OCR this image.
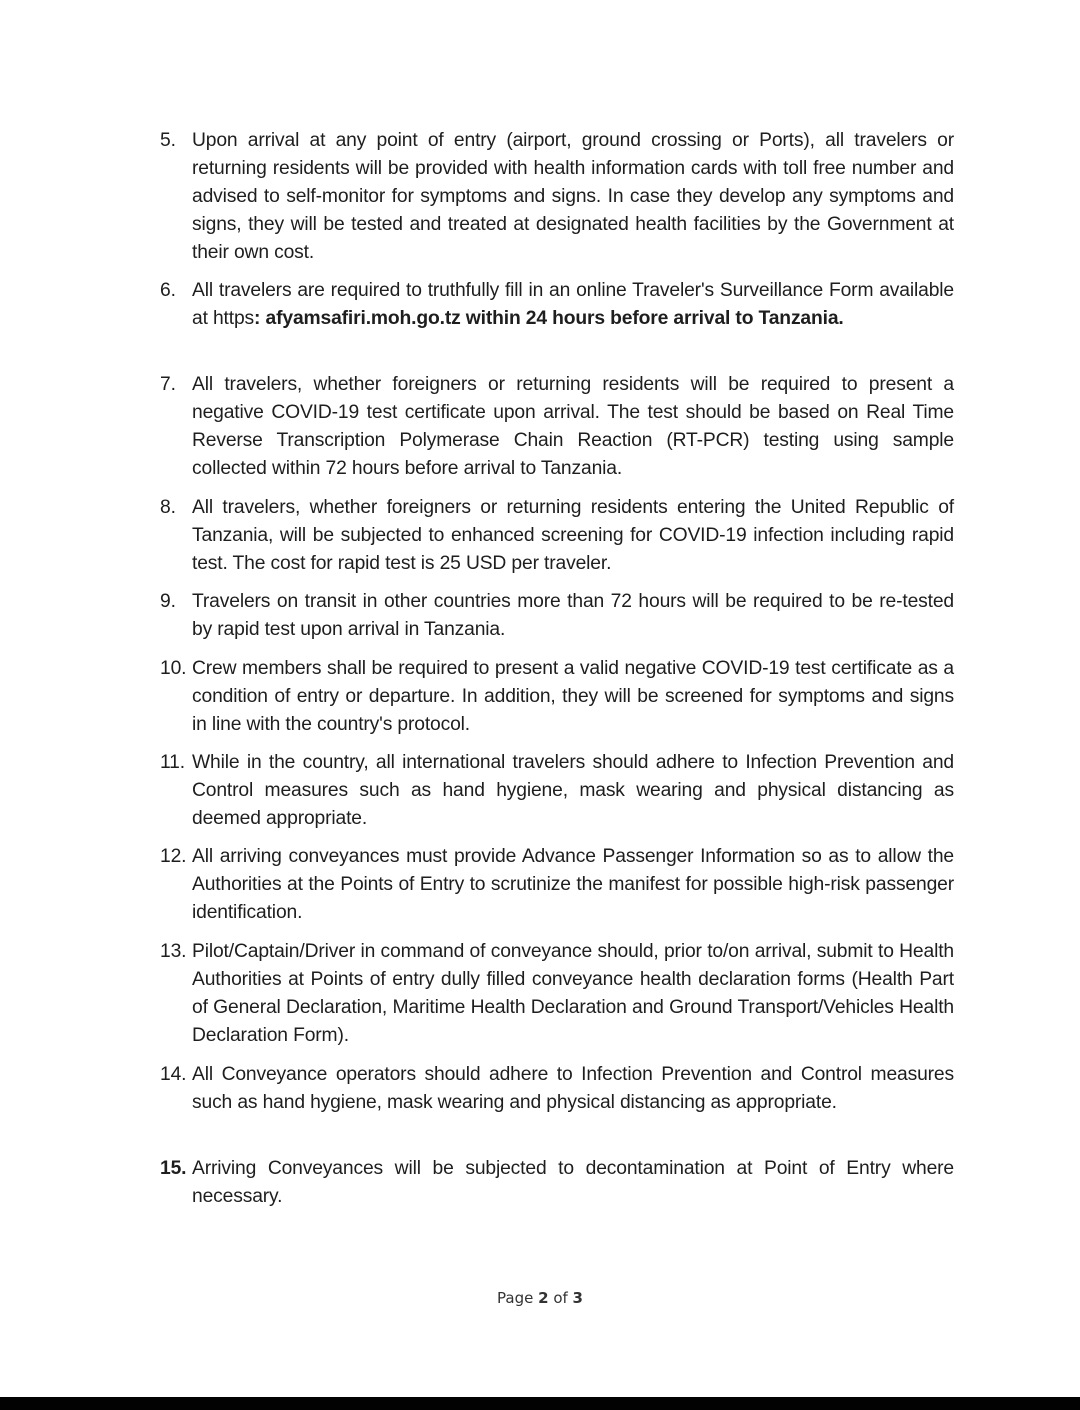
5. Upon arrival at any point of entry (airport, ground crossing or Ports), all travelers or returning residents will be provided with health information cards with toll free number and advised to self-monitor for symptoms and signs. In case they develop any symptoms and signs, they will be tested and treated at designated health facilities by the Government at their own cost.
6. All travelers are required to truthfully fill in an online Traveler's Surveillance Form available at https: afyamsafiri.moh.go.tz within 24 hours before arrival to Tanzania.
7. All travelers, whether foreigners or returning residents will be required to present a negative COVID-19 test certificate upon arrival. The test should be based on Real Time Reverse Transcription Polymerase Chain Reaction (RT-PCR) testing using sample collected within 72 hours before arrival to Tanzania.
8. All travelers, whether foreigners or returning residents entering the United Republic of Tanzania, will be subjected to enhanced screening for COVID-19 infection including rapid test. The cost for rapid test is 25 USD per traveler.
9. Travelers on transit in other countries more than 72 hours will be required to be re-tested by rapid test upon arrival in Tanzania.
10. Crew members shall be required to present a valid negative COVID-19 test certificate as a condition of entry or departure. In addition, they will be screened for symptoms and signs in line with the country's protocol.
11. While in the country, all international travelers should adhere to Infection Prevention and Control measures such as hand hygiene, mask wearing and physical distancing as deemed appropriate.
12. All arriving conveyances must provide Advance Passenger Information so as to allow the Authorities at the Points of Entry to scrutinize the manifest for possible high-risk passenger identification.
13. Pilot/Captain/Driver in command of conveyance should, prior to/on arrival, submit to Health Authorities at Points of entry dully filled conveyance health declaration forms (Health Part of General Declaration, Maritime Health Declaration and Ground Transport/Vehicles Health Declaration Form).
14. All Conveyance operators should adhere to Infection Prevention and Control measures such as hand hygiene, mask wearing and physical distancing as appropriate.
15. Arriving Conveyances will be subjected to decontamination at Point of Entry where necessary.
Page 2 of 3
